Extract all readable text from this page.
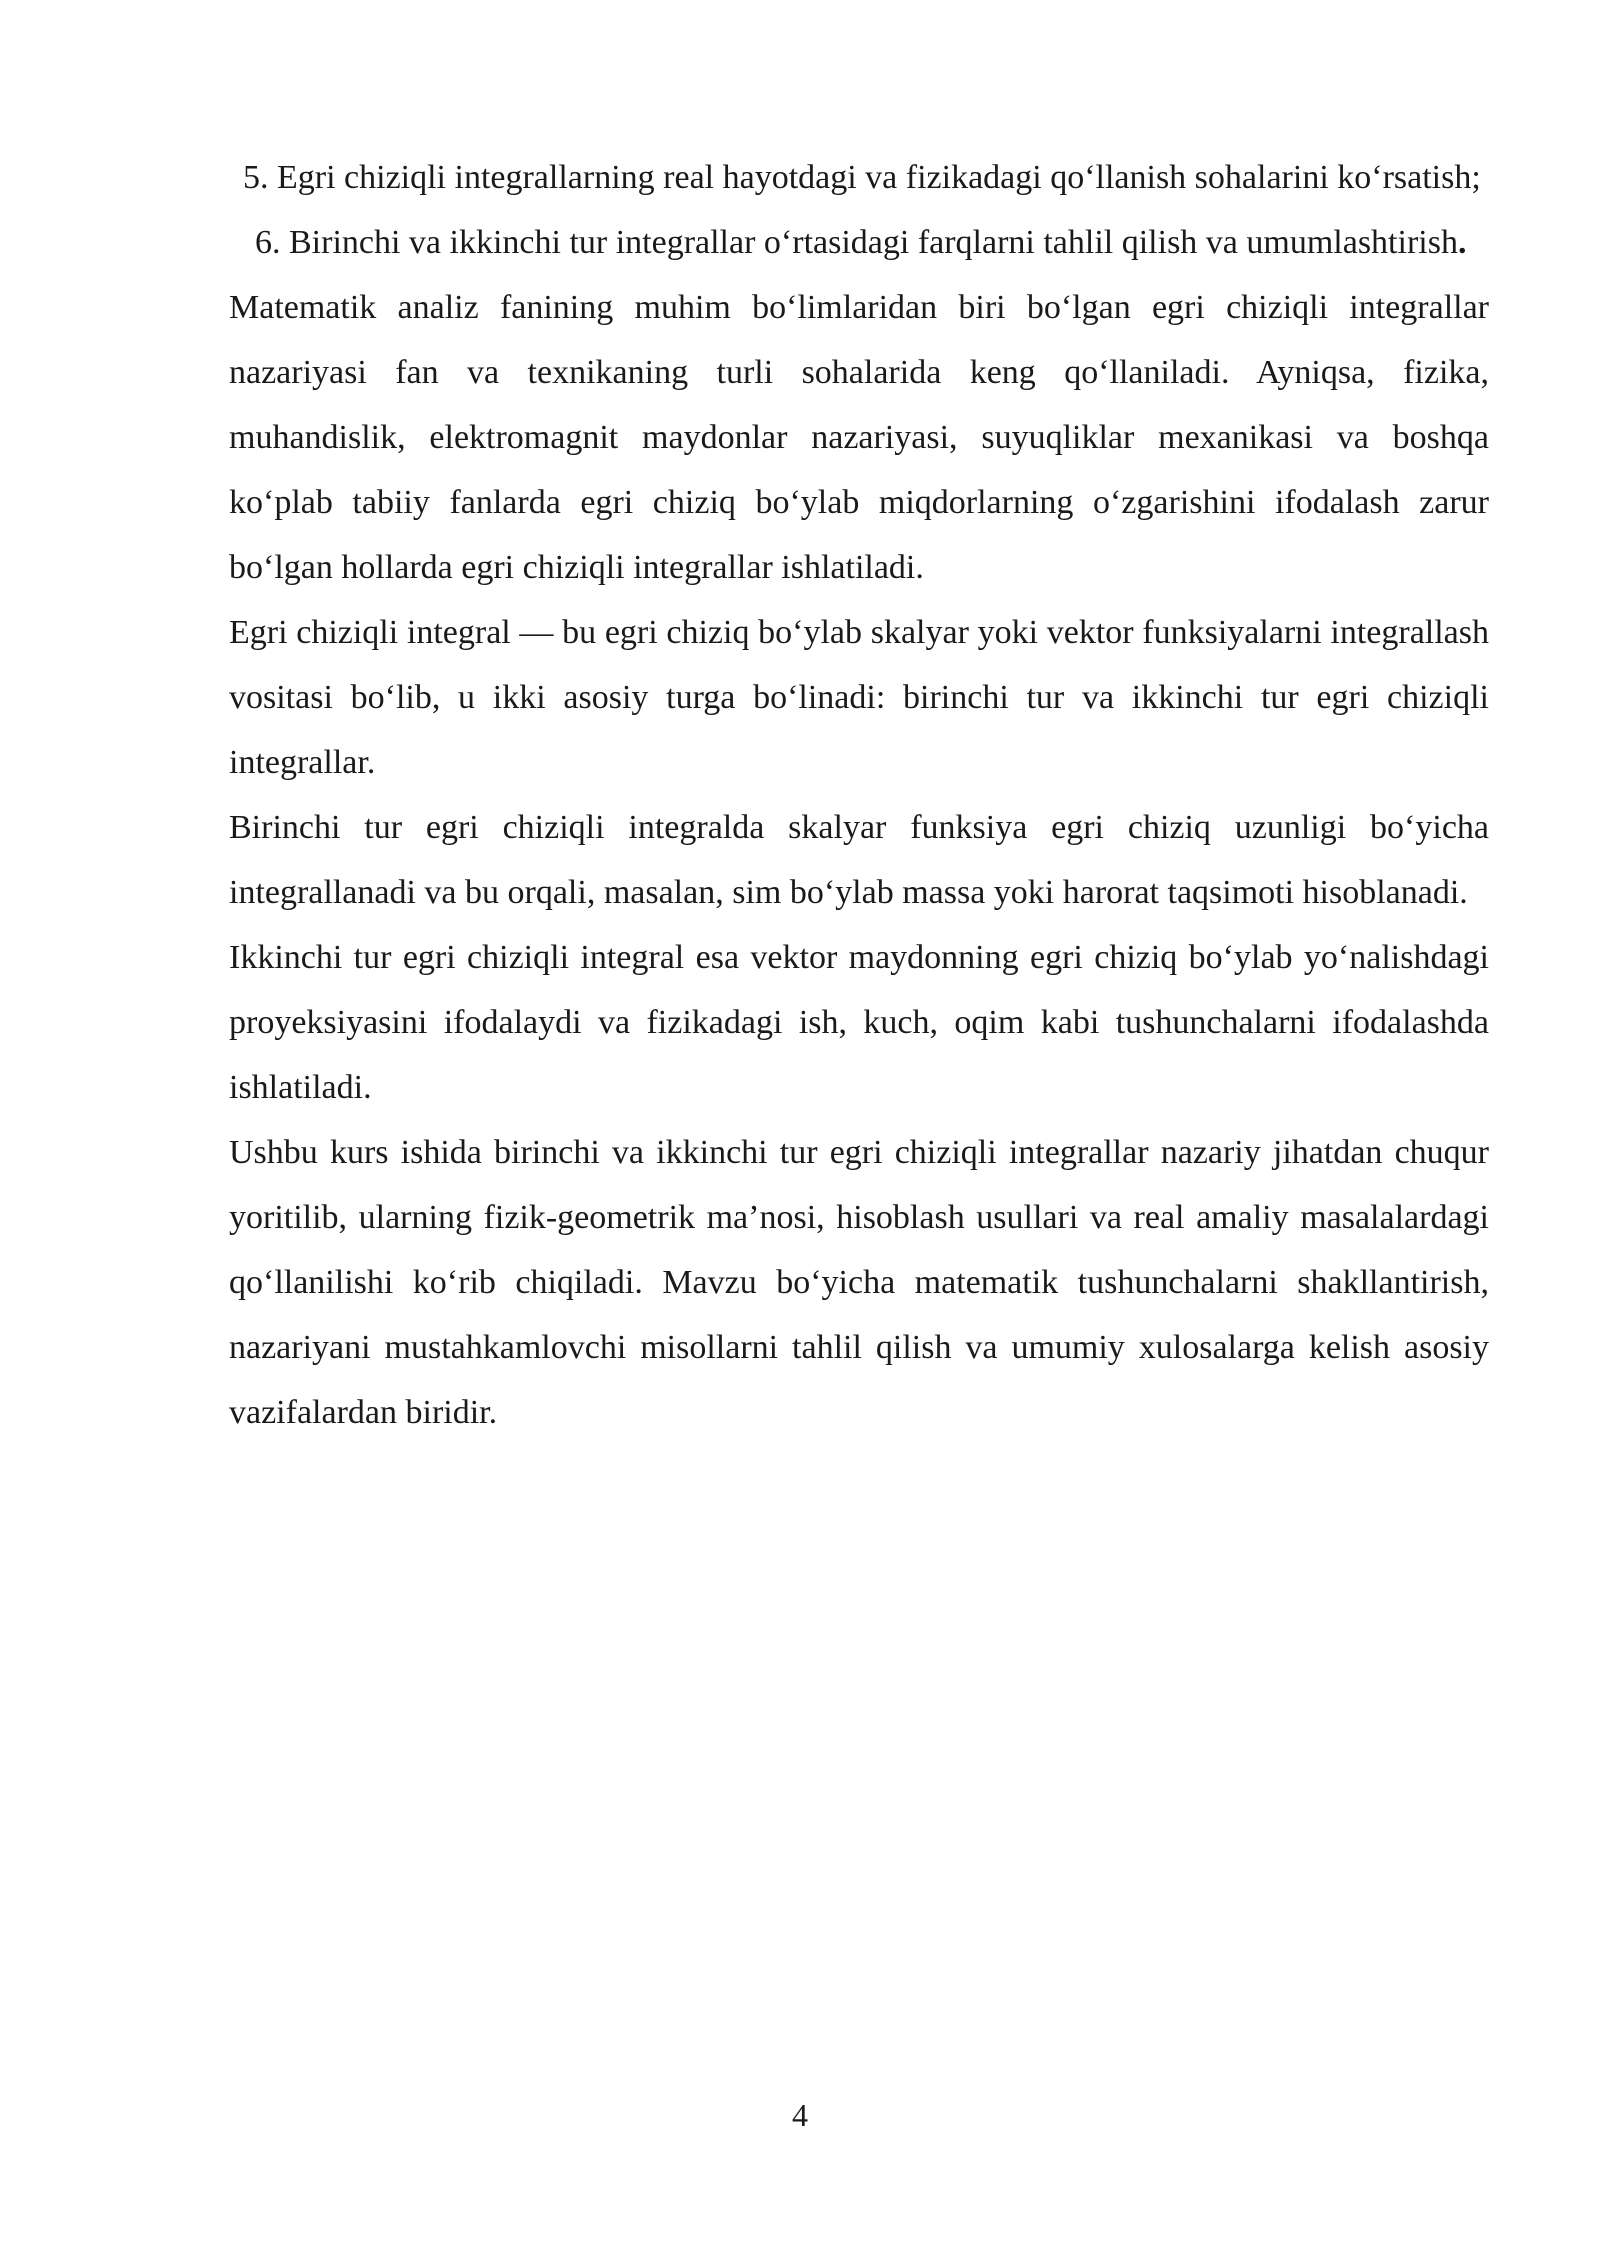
5. Egri chiziqli integrallarning real hayotdagi va fizikadagi qo‘llanish sohalarini ko‘rsatish;

6. Birinchi va ikkinchi tur integrallar o‘rtasidagi farqlarni tahlil qilish va umumlashtirish.

Matematik analiz fanining muhim bo‘limlaridan biri bo‘lgan egri chiziqli integrallar nazariyasi fan va texnikaning turli sohalarida keng qo‘llaniladi. Ayniqsa, fizika, muhandislik, elektromagnit maydonlar nazariyasi, suyuqliklar mexanikasi va boshqa ko‘plab tabiiy fanlarda egri chiziq bo‘ylab miqdorlarning o‘zgarishini ifodalash zarur bo‘lgan hollarda egri chiziqli integrallar ishlatiladi.

Egri chiziqli integral — bu egri chiziq bo‘ylab skalyar yoki vektor funksiyalarni integrallash vositasi bo‘lib, u ikki asosiy turga bo‘linadi: birinchi tur va ikkinchi tur egri chiziqli integrallar.

Birinchi tur egri chiziqli integralda skalyar funksiya egri chiziq uzunligi bo‘yicha integrallanadi va bu orqali, masalan, sim bo‘ylab massa yoki harorat taqsimoti hisoblanadi.

Ikkinchi tur egri chiziqli integral esa vektor maydonning egri chiziq bo‘ylab yo‘nalishdagi proyeksiyasini ifodalaydi va fizikadagi ish, kuch, oqim kabi tushunchalarni ifodalashda ishlatiladi.

Ushbu kurs ishida birinchi va ikkinchi tur egri chiziqli integrallar nazariy jihatdan chuqur yoritilib, ularning fizik-geometrik ma’nosi, hisoblash usullari va real amaliy masalalardagi qo‘llanilishi ko‘rib chiqiladi. Mavzu bo‘yicha matematik tushunchalarni shakllantirish, nazariyani mustahkamlovchi misollarni tahlil qilish va umumiy xulosalarga kelish asosiy vazifalardan biridir.

4
